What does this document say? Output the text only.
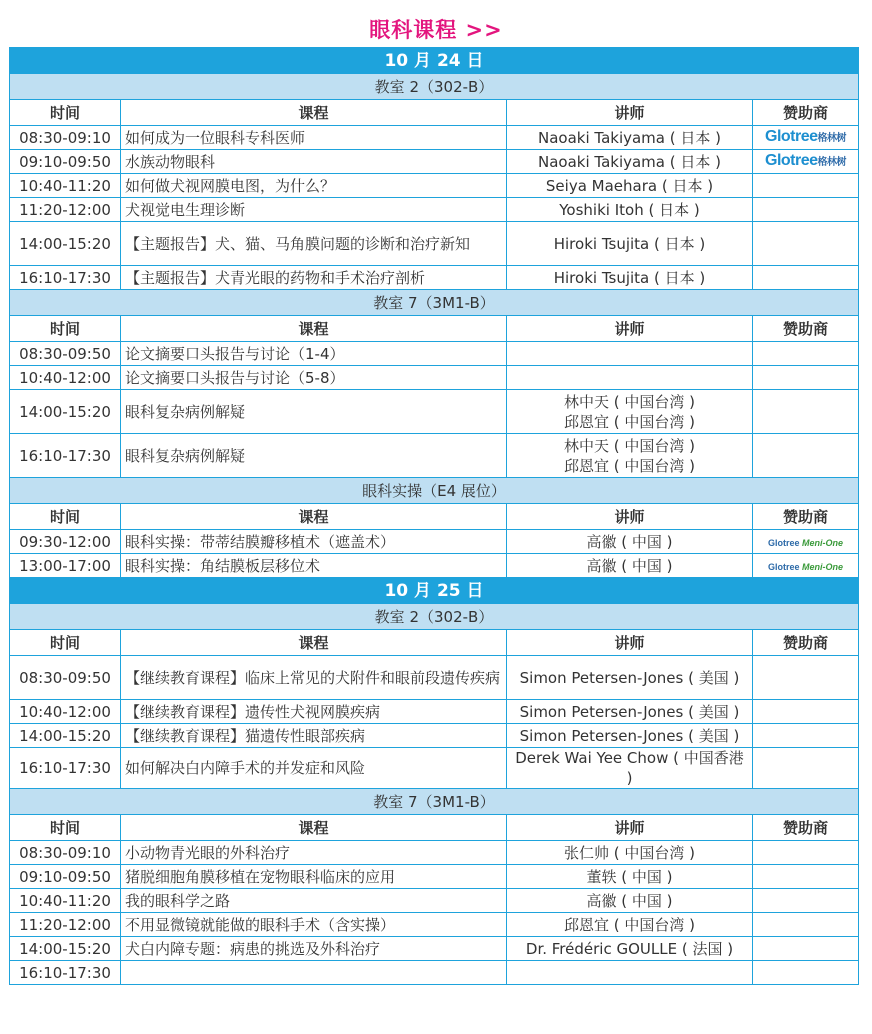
眼科课程 >>
10 月 24 日			
教室 2（302-B）			
时间	课程	讲师	赞助商
08:30-09:10	如何成为一位眼科专科医师	Naoaki Takiyama ( 日本 )	Glotree格林树
09:10-09:50	水族动物眼科	Naoaki Takiyama ( 日本 )	Glotree格林树
10:40-11:20	如何做犬视网膜电图，为什么？	Seiya Maehara ( 日本 )	
11:20-12:00	犬视觉电生理诊断	Yoshiki Itoh ( 日本 )	
14:00-15:20	【主题报告】犬、猫、马角膜问题的诊断和治疗新知	Hiroki Tsujita ( 日本 )	
16:10-17:30	【主题报告】犬青光眼的药物和手术治疗剖析	Hiroki Tsujita ( 日本 )	
教室 7（3M1-B）			
时间	课程	讲师	赞助商
08:30-09:50	论文摘要口头报告与讨论（1-4）		
10:40-12:00	论文摘要口头报告与讨论（5-8）		
14:00-15:20	眼科复杂病例解疑	林中天 ( 中国台湾 )
邱恩宜 ( 中国台湾 )	
16:10-17:30	眼科复杂病例解疑	林中天 ( 中国台湾 )
邱恩宜 ( 中国台湾 )	
眼科实操（E4 展位）			
时间	课程	讲师	赞助商
09:30-12:00	眼科实操：带蒂结膜瓣移植术（遮盖术）	高徽 ( 中国 )	Glotree Meni-One
13:00-17:00	眼科实操：角结膜板层移位术	高徽 ( 中国 )	Glotree Meni-One
10 月 25 日			
教室 2（302-B）			
时间	课程	讲师	赞助商
08:30-09:50	【继续教育课程】临床上常见的犬附件和眼前段遗传疾病	Simon Petersen-Jones ( 美国 )	
10:40-12:00	【继续教育课程】遗传性犬视网膜疾病	Simon Petersen-Jones ( 美国 )	
14:00-15:20	【继续教育课程】猫遗传性眼部疾病	Simon Petersen-Jones ( 美国 )	
16:10-17:30	如何解决白内障手术的并发症和风险	Derek Wai Yee Chow ( 中国香港 )	
教室 7（3M1-B）			
时间	课程	讲师	赞助商
08:30-09:10	小动物青光眼的外科治疗	张仁帅 ( 中国台湾 )	
09:10-09:50	猪脱细胞角膜移植在宠物眼科临床的应用	董轶 ( 中国 )	
10:40-11:20	我的眼科学之路	高徽 ( 中国 )	
11:20-12:00	不用显微镜就能做的眼科手术（含实操）	邱恩宜 ( 中国台湾 )	
14:00-15:20	犬白内障专题：病患的挑选及外科治疗	Dr. Frédéric GOULLE ( 法国 )	
16:10-17:30			
